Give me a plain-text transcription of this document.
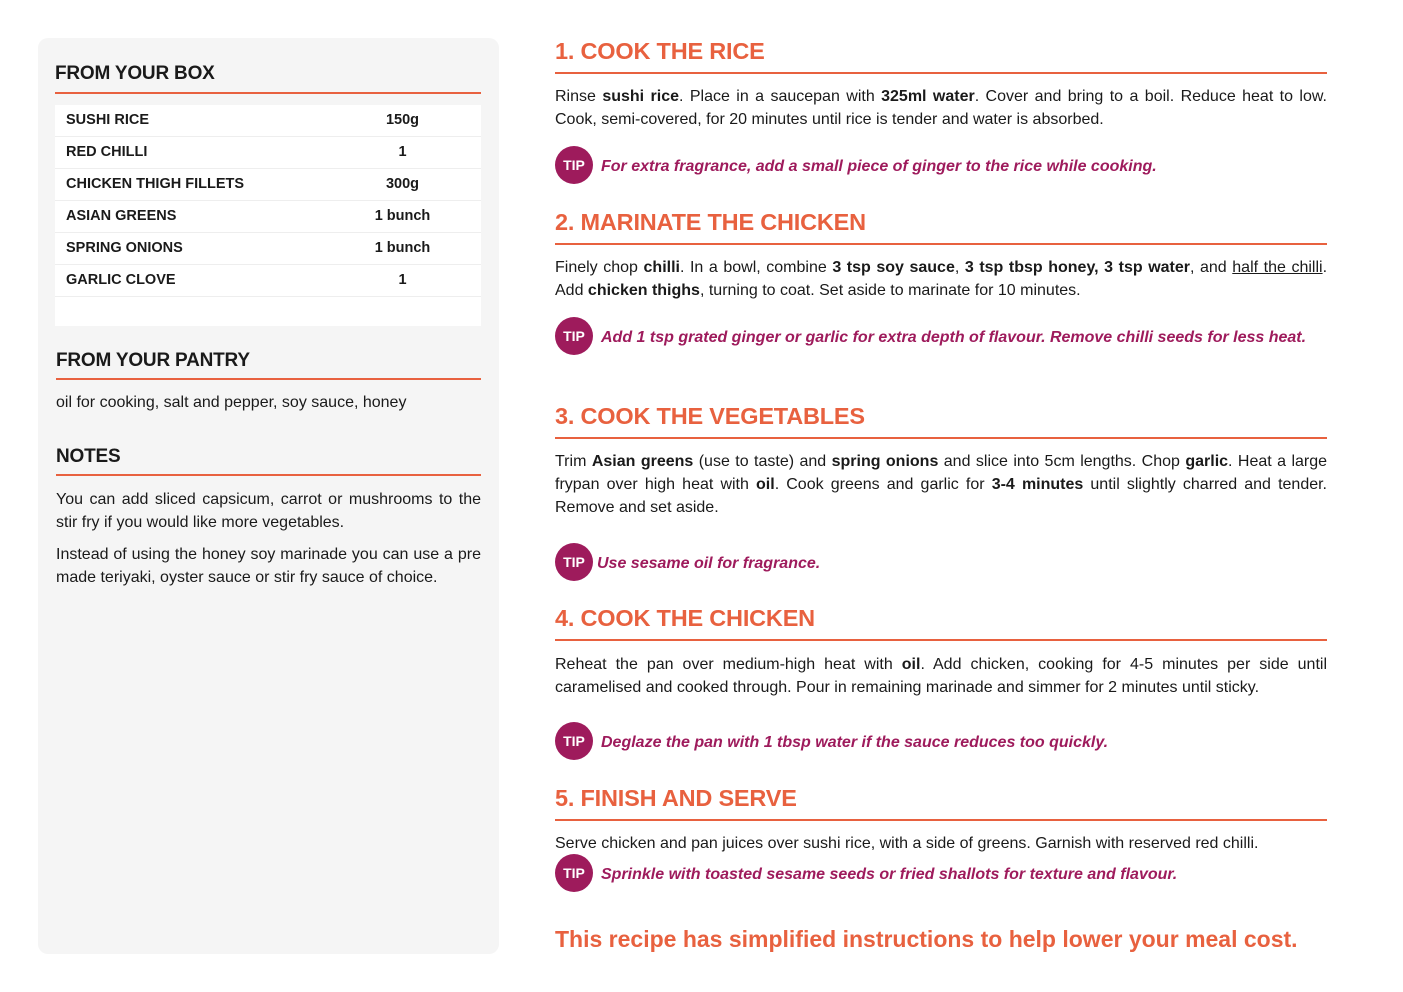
FROM YOUR BOX
SUSHI RICE	150g
RED CHILLI	1
CHICKEN THIGH FILLETS	300g
ASIAN GREENS	1 bunch
SPRING ONIONS	1 bunch
GARLIC CLOVE	1
FROM YOUR PANTRY
oil for cooking, salt and pepper, soy sauce, honey
NOTES
You can add sliced capsicum, carrot or mushrooms to the stir fry if you would like more vegetables.
Instead of using the honey soy marinade you can use a pre made teriyaki, oyster sauce or stir fry sauce of choice.
1. COOK THE RICE
Rinse sushi rice. Place in a saucepan with 325ml water. Cover and bring to a boil. Reduce heat to low. Cook, semi-covered, for 20 minutes until rice is tender and water is absorbed.
TIP	For extra fragrance, add a small piece of ginger to the rice while cooking.
2. MARINATE THE CHICKEN
Finely chop chilli. In a bowl, combine 3 tsp soy sauce, 3 tsp tbsp honey, 3 tsp water, and half the chilli. Add chicken thighs, turning to coat. Set aside to marinate for 10 minutes.
TIP	Add 1 tsp grated ginger or garlic for extra depth of flavour. Remove chilli seeds for less heat.
3. COOK THE VEGETABLES
Trim Asian greens (use to taste) and spring onions and slice into 5cm lengths. Chop garlic. Heat a large frypan over high heat with oil. Cook greens and garlic for 3-4 minutes until slightly charred and tender. Remove and set aside.
TIP Use sesame oil for fragrance.
4. COOK THE CHICKEN
Reheat the pan over medium-high heat with oil. Add chicken, cooking for 4-5 minutes per side until caramelised and cooked through. Pour in remaining marinade and simmer for 2 minutes until sticky.
TIP	Deglaze the pan with 1 tbsp water if the sauce reduces too quickly.
5. FINISH AND SERVE
Serve chicken and pan juices over sushi rice, with a side of greens. Garnish with reserved red chilli.
TIP	Sprinkle with toasted sesame seeds or fried shallots for texture and flavour.
This recipe has simplified instructions to help lower your meal cost.
